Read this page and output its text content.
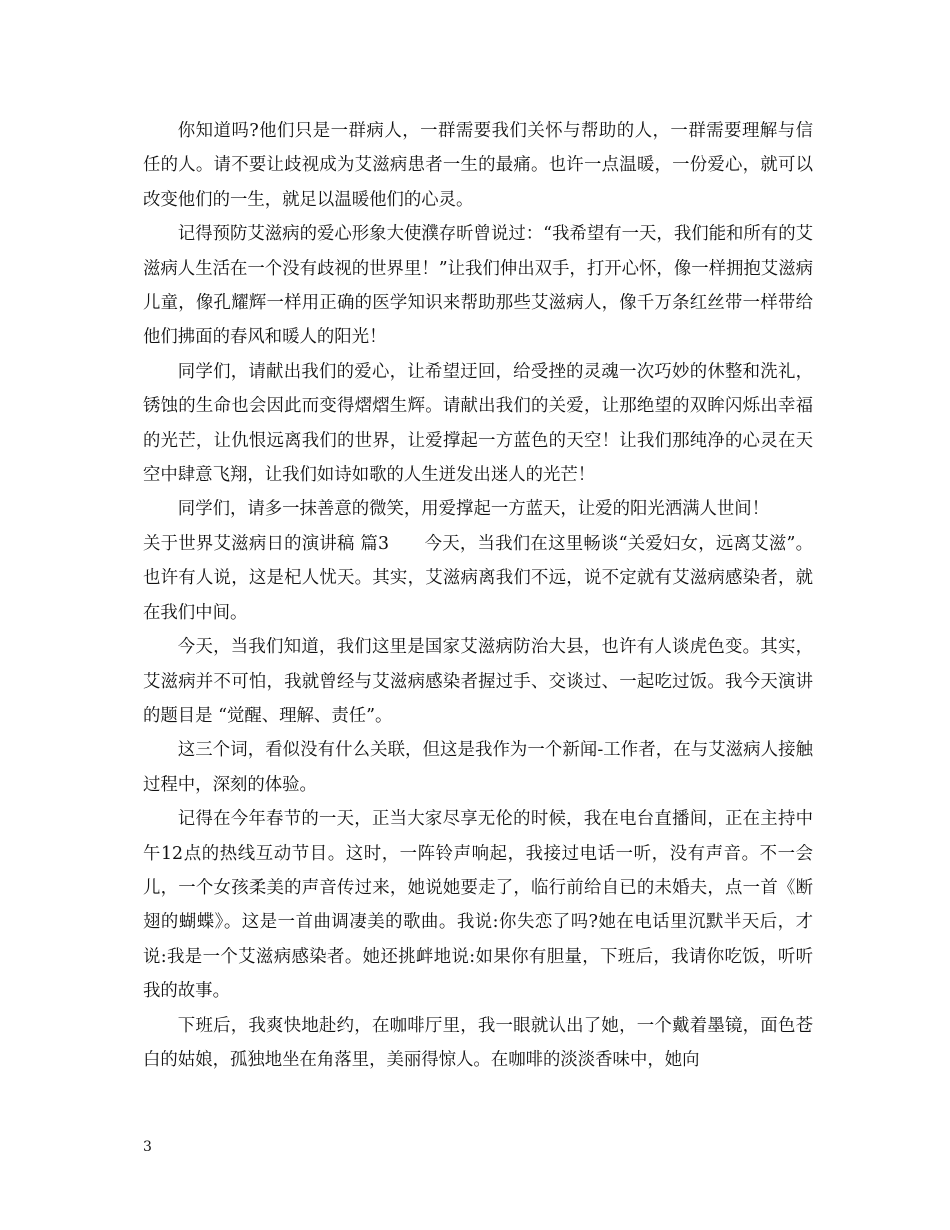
你知道吗?他们只是一群病人，一群需要我们关怀与帮助的人，一群需要理解与信任的人。请不要让歧视成为艾滋病患者一生的最痛。也许一点温暖，一份爱心，就可以改变他们的一生，就足以温暖他们的心灵。

记得预防艾滋病的爱心形象大使濮存昕曾说过：“我希望有一天，我们能和所有的艾滋病人生活在一个没有歧视的世界里！”让我们伸出双手，打开心怀，像一样拥抱艾滋病儿童，像孔耀辉一样用正确的医学知识来帮助那些艾滋病人，像千万条红丝带一样带给他们拂面的春风和暖人的阳光！

同学们，请献出我们的爱心，让希望迂回，给受挫的灵魂一次巧妙的休整和洗礼，锈蚀的生命也会因此而变得熠熠生辉。请献出我们的关爱，让那绝望的双眸闪烁出幸福的光芒，让仇恨远离我们的世界，让爱撑起一方蓝色的天空！让我们那纯净的心灵在天空中肆意飞翔，让我们如诗如歌的人生迸发出迷人的光芒！

同学们，请多一抹善意的微笑，用爱撑起一方蓝天，让爱的阳光洒满人世间！

关于世界艾滋病日的演讲稿 篇3　　今天，当我们在这里畅谈“关爱妇女，远离艾滋”。也许有人说，这是杞人忧天。其实，艾滋病离我们不远，说不定就有艾滋病感染者，就在我们中间。

今天，当我们知道，我们这里是国家艾滋病防治大县，也许有人谈虎色变。其实，艾滋病并不可怕，我就曾经与艾滋病感染者握过手、交谈过、一起吃过饭。我今天演讲的题目是 “觉醒、理解、责任”。

这三个词，看似没有什么关联，但这是我作为一个新闻-工作者，在与艾滋病人接触过程中，深刻的体验。

记得在今年春节的一天，正当大家尽享无伦的时候，我在电台直播间，正在主持中午12点的热线互动节目。这时，一阵铃声响起，我接过电话一听，没有声音。不一会儿，一个女孩柔美的声音传过来，她说她要走了，临行前给自已的未婚夫，点一首《断翅的蝴蝶》。这是一首曲调凄美的歌曲。我说:你失恋了吗?她在电话里沉默半天后，才说:我是一个艾滋病感染者。她还挑衅地说:如果你有胆量，下班后，我请你吃饭，听听我的故事。

下班后，我爽快地赴约，在咖啡厅里，我一眼就认出了她，一个戴着墨镜，面色苍白的姑娘，孤独地坐在角落里，美丽得惊人。在咖啡的淡淡香味中，她向

3
